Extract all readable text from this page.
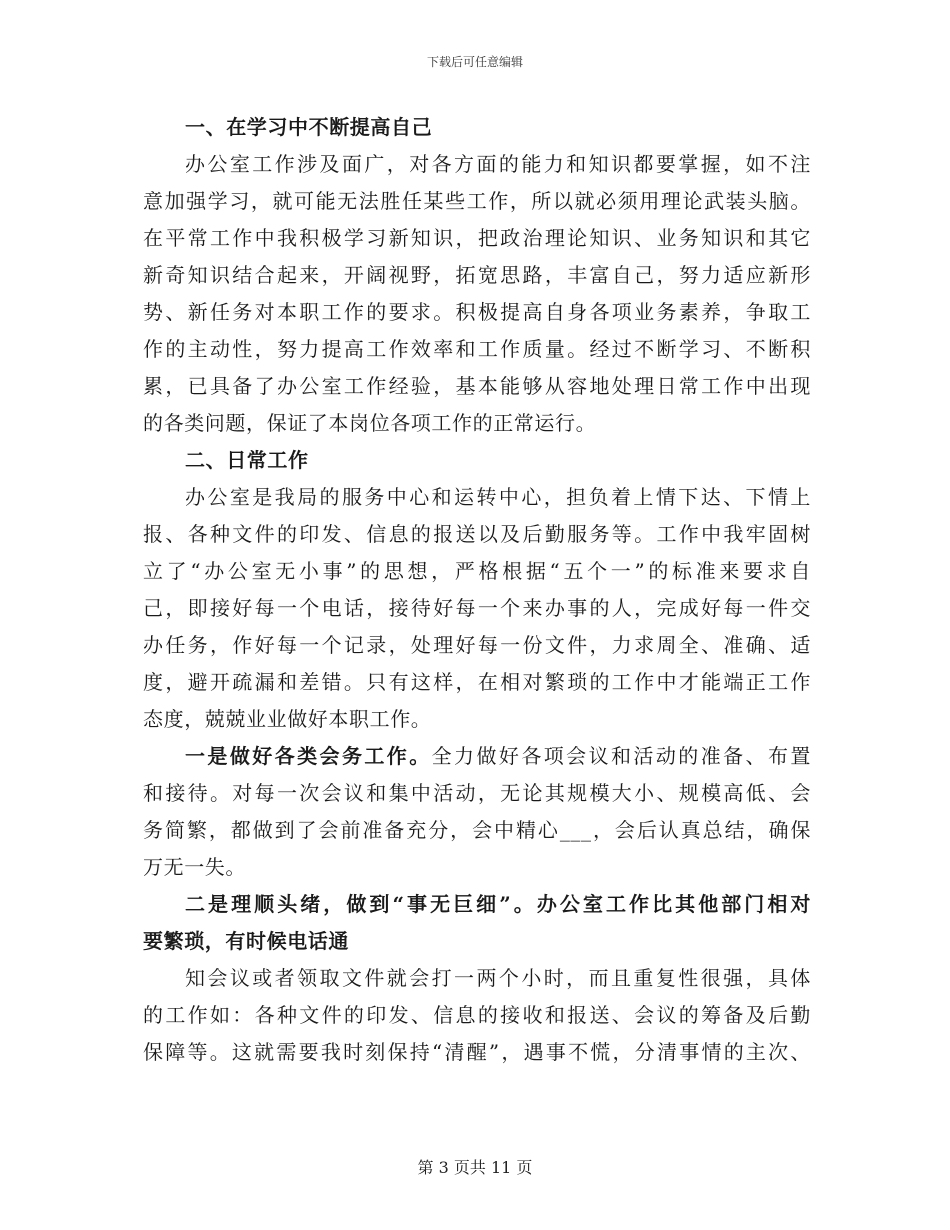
下载后可任意编辑
一、在学习中不断提高自己
办公室工作涉及面广，对各方面的能力和知识都要掌握，如不注
意加强学习，就可能无法胜任某些工作，所以就必须用理论武装头脑。
在平常工作中我积极学习新知识，把政治理论知识、业务知识和其它
新奇知识结合起来，开阔视野，拓宽思路，丰富自己，努力适应新形
势、新任务对本职工作的要求。积极提高自身各项业务素养，争取工
作的主动性，努力提高工作效率和工作质量。经过不断学习、不断积
累，已具备了办公室工作经验，基本能够从容地处理日常工作中出现
的各类问题，保证了本岗位各项工作的正常运行。
二、日常工作
办公室是我局的服务中心和运转中心，担负着上情下达、下情上
报、各种文件的印发、信息的报送以及后勤服务等。工作中我牢固树
立了“办公室无小事”的思想，严格根据“五个一”的标准来要求自
己，即接好每一个电话，接待好每一个来办事的人，完成好每一件交
办任务，作好每一个记录，处理好每一份文件，力求周全、准确、适
度，避开疏漏和差错。只有这样，在相对繁琐的工作中才能端正工作
态度，兢兢业业做好本职工作。
一是做好各类会务工作。全力做好各项会议和活动的准备、布置
和接待。对每一次会议和集中活动，无论其规模大小、规模高低、会
务简繁，都做到了会前准备充分，会中精心___，会后认真总结，确保
万无一失。
二是理顺头绪，做到“事无巨细”。办公室工作比其他部门相对
要繁琐，有时候电话通
知会议或者领取文件就会打一两个小时，而且重复性很强，具体
的工作如：各种文件的印发、信息的接收和报送、会议的筹备及后勤
保障等。这就需要我时刻保持“清醒”，遇事不慌，分清事情的主次、
第 3 页共 11 页
